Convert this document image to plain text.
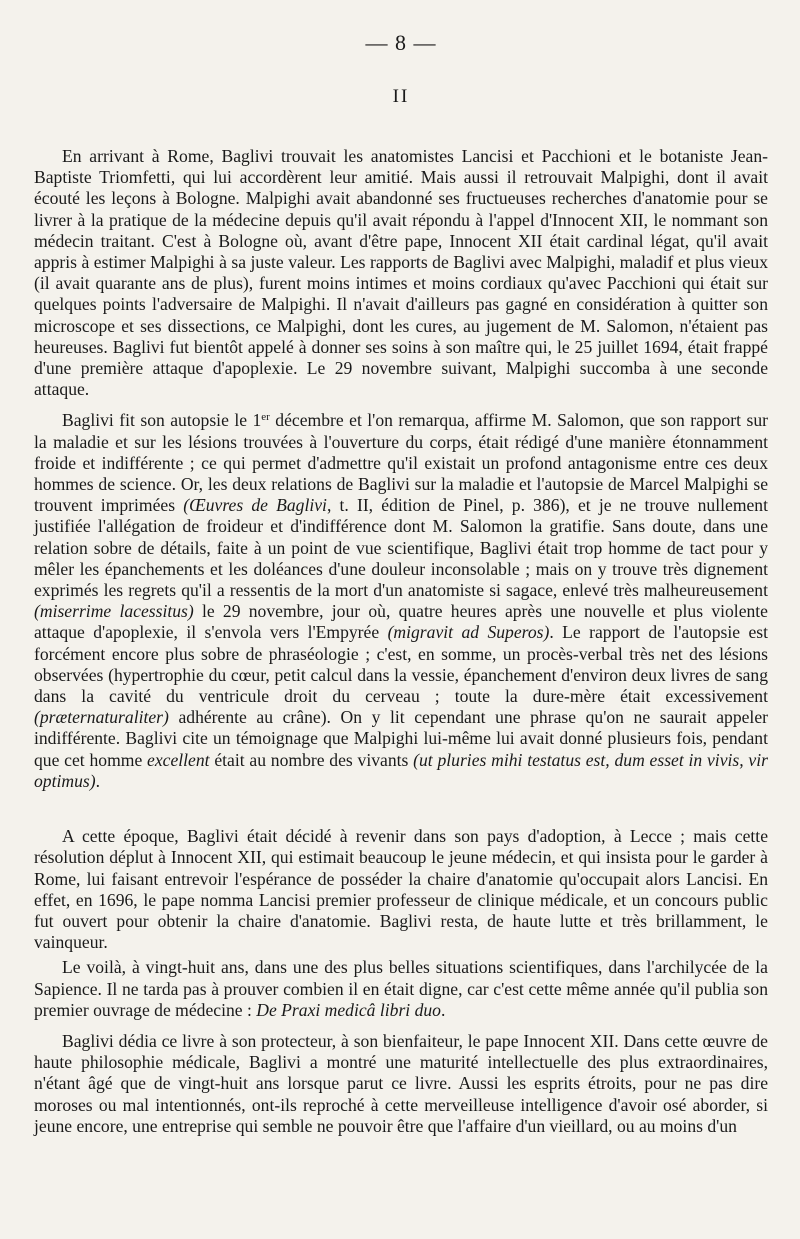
— 8 —
II

En arrivant à Rome, Baglivi trouvait les anatomistes Lancisi et Pacchioni et le botaniste Jean-Baptiste Triomfetti, qui lui accordèrent leur amitié. Mais aussi il retrouvait Malpighi, dont il avait écouté les leçons à Bologne. Malpighi avait abandonné ses fructueuses recherches d'anatomie pour se livrer à la pratique de la médecine depuis qu'il avait répondu à l'appel d'Innocent XII, le nommant son médecin traitant. C'est à Bologne où, avant d'être pape, Innocent XII était cardinal légat, qu'il avait appris à estimer Malpighi à sa juste valeur. Les rapports de Baglivi avec Malpighi, maladif et plus vieux (il avait quarante ans de plus), furent moins intimes et moins cordiaux qu'avec Pacchioni qui était sur quelques points l'adversaire de Malpighi. Il n'avait d'ailleurs pas gagné en considération à quitter son microscope et ses dissections, ce Malpighi, dont les cures, au jugement de M. Salomon, n'étaient pas heureuses. Baglivi fut bientôt appelé à donner ses soins à son maître qui, le 25 juillet 1694, était frappé d'une première attaque d'apoplexie. Le 29 novembre suivant, Malpighi succomba à une seconde attaque.

Baglivi fit son autopsie le 1er décembre et l'on remarqua, affirme M. Salomon, que son rapport sur la maladie et sur les lésions trouvées à l'ouverture du corps, était rédigé d'une manière étonnamment froide et indifférente ; ce qui permet d'admettre qu'il existait un profond antagonisme entre ces deux hommes de science. Or, les deux relations de Baglivi sur la maladie et l'autopsie de Marcel Malpighi se trouvent imprimées (Œuvres de Baglivi, t. II, édition de Pinel, p. 386), et je ne trouve nullement justifiée l'allégation de froideur et d'indifférence dont M. Salomon la gratifie. Sans doute, dans une relation sobre de détails, faite à un point de vue scientifique, Baglivi était trop homme de tact pour y mêler les épanchements et les doléances d'une douleur inconsolable ; mais on y trouve très dignement exprimés les regrets qu'il a ressentis de la mort d'un anatomiste si sagace, enlevé très malheureusement (miserrime lacessitus) le 29 novembre, jour où, quatre heures après une nouvelle et plus violente attaque d'apoplexie, il s'envola vers l'Empyrée (migravit ad Superos). Le rapport de l'autopsie est forcément encore plus sobre de phraséologie ; c'est, en somme, un procès-verbal très net des lésions observées (hypertrophie du cœur, petit calcul dans la vessie, épanchement d'environ deux livres de sang dans la cavité du ventricule droit du cerveau ; toute la dure-mère était excessivement (præternaturaliter) adhérente au crâne). On y lit cependant une phrase qu'on ne saurait appeler indifférente. Baglivi cite un témoignage que Malpighi lui-même lui avait donné plusieurs fois, pendant que cet homme excellent était au nombre des vivants (ut pluries mihi testatus est, dum esset in vivis, vir optimus).

A cette époque, Baglivi était décidé à revenir dans son pays d'adoption, à Lecce ; mais cette résolution déplut à Innocent XII, qui estimait beaucoup le jeune médecin, et qui insista pour le garder à Rome, lui faisant entrevoir l'espérance de posséder la chaire d'anatomie qu'occupait alors Lancisi. En effet, en 1696, le pape nomma Lancisi premier professeur de clinique médicale, et un concours public fut ouvert pour obtenir la chaire d'anatomie. Baglivi resta, de haute lutte et très brillamment, le vainqueur.

Le voilà, à vingt-huit ans, dans une des plus belles situations scientifiques, dans l'archilycée de la Sapience. Il ne tarda pas à prouver combien il en était digne, car c'est cette même année qu'il publia son premier ouvrage de médecine : De Praxi medicâ libri duo.

Baglivi dédia ce livre à son protecteur, à son bienfaiteur, le pape Innocent XII. Dans cette œuvre de haute philosophie médicale, Baglivi a montré une maturité intellectuelle des plus extraordinaires, n'étant âgé que de vingt-huit ans lorsque parut ce livre. Aussi les esprits étroits, pour ne pas dire moroses ou mal intentionnés, ont-ils reproché à cette merveilleuse intelligence d'avoir osé aborder, si jeune encore, une entreprise qui semble ne pouvoir être que l'affaire d'un vieillard, ou au moins d'un
